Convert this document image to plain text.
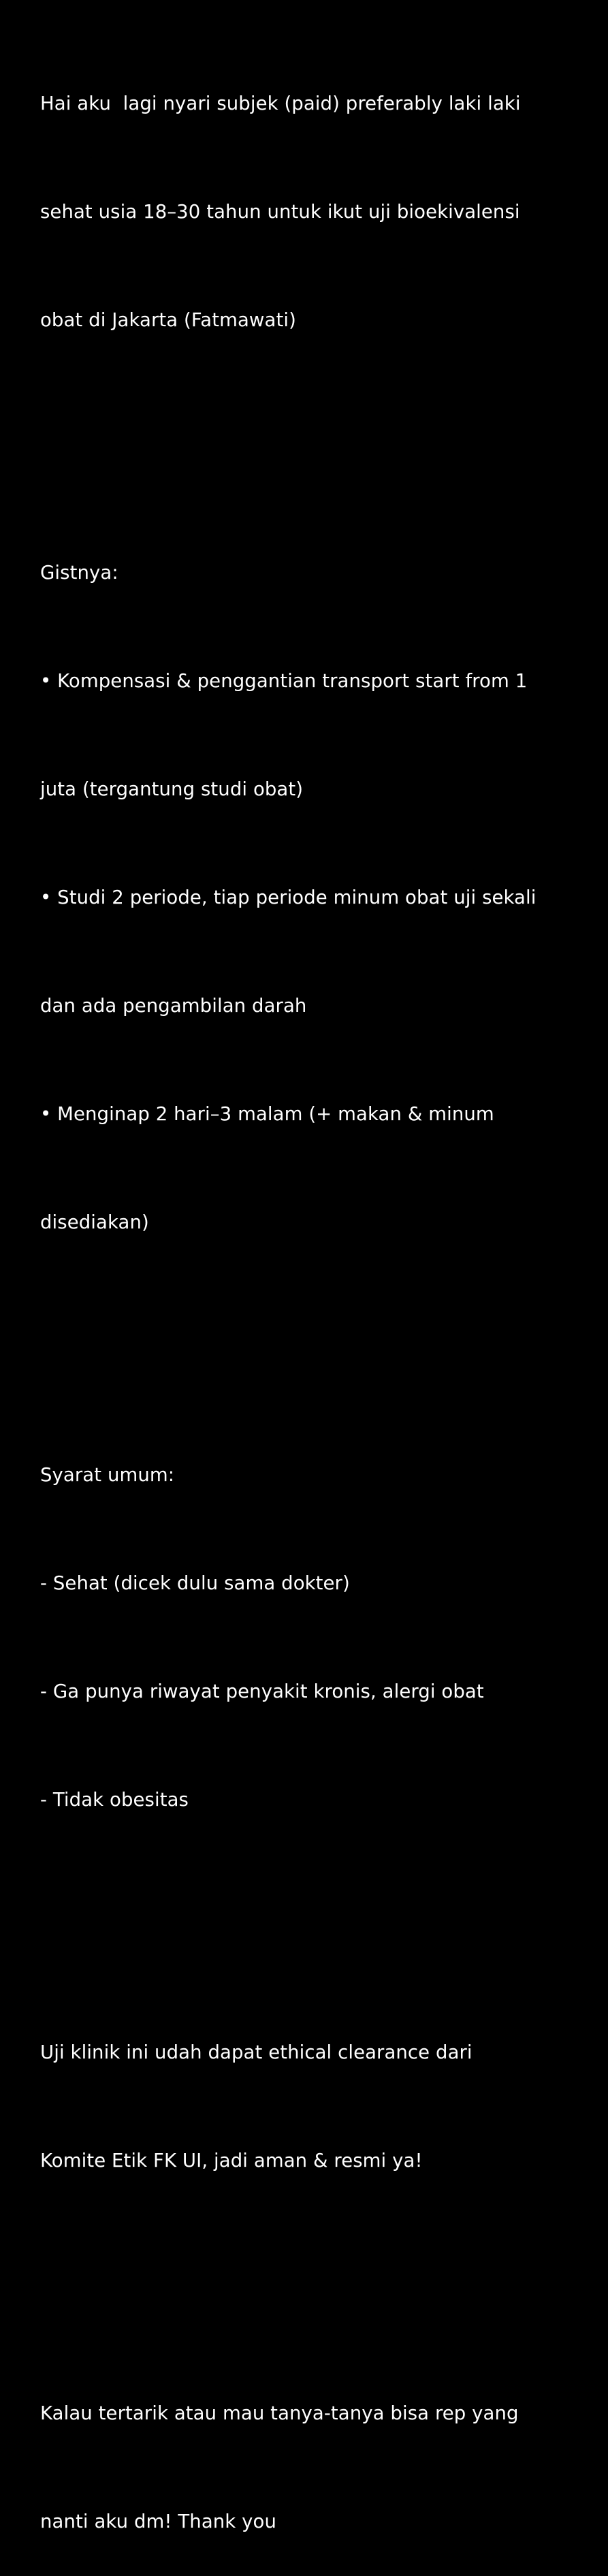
Hai aku  lagi nyari subjek (paid) preferably laki laki

sehat usia 18–30 tahun untuk ikut uji bioekivalensi

obat di Jakarta (Fatmawati)

Gistnya:

• Kompensasi & penggantian transport start from 1

juta (tergantung studi obat)

• Studi 2 periode, tiap periode minum obat uji sekali

dan ada pengambilan darah

• Menginap 2 hari–3 malam (+ makan & minum

disediakan)

Syarat umum:

- Sehat (dicek dulu sama dokter)

- Ga punya riwayat penyakit kronis, alergi obat

- Tidak obesitas

Uji klinik ini udah dapat ethical clearance dari

Komite Etik FK UI, jadi aman & resmi ya!

Kalau tertarik atau mau tanya-tanya bisa rep yang

nanti aku dm! Thank you
